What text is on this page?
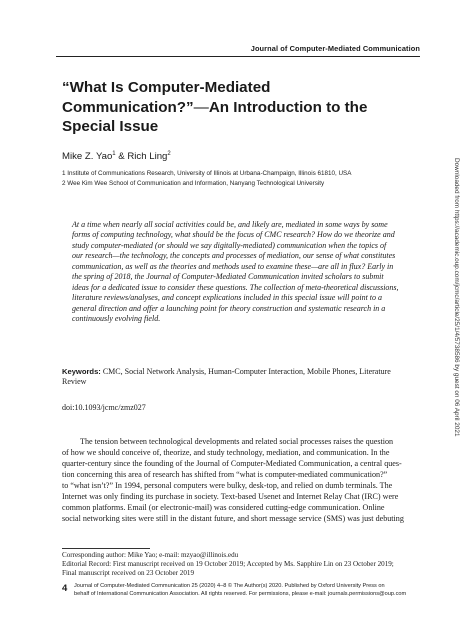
Journal of Computer-Mediated Communication
“What Is Computer-Mediated
Communication?”—An Introduction to the
Special Issue
Mike Z. Yao$^1$ & Rich Ling$^2$
1 Institute of Communications Research, University of Illinois at Urbana-Champaign, Illinois 61810, USA
2 Wee Kim Wee School of Communication and Information, Nanyang Technological University
At a time when nearly all social activities could be, and likely are, mediated in some ways by some
forms of computing technology, what should be the focus of CMC research? How do we theorize and
study computer-mediated (or should we say digitally-mediated) communication when the topics of
our research—the technology, the concepts and processes of mediation, our sense of what constitutes
communication, as well as the theories and methods used to examine these—are all in flux? Early in
the spring of 2018, the Journal of Computer-Mediated Communication invited scholars to submit
ideas for a dedicated issue to consider these questions. The collection of meta-theoretical discussions,
literature reviews/analyses, and concept explications included in this special issue will point to a
general direction and offer a launching point for theory construction and systematic research in a
continuously evolving field.
Keywords: CMC, Social Network Analysis, Human-Computer Interaction, Mobile Phones, Literature
Review
doi:10.1093/jcmc/zmz027
The tension between technological developments and related social processes raises the question
of how we should conceive of, theorize, and study technology, mediation, and communication. In the
quarter-century since the founding of the Journal of Computer-Mediated Communication, a central ques-
tion concerning this area of research has shifted from “what is computer-mediated communication?”
to “what isn’t?” In 1994, personal computers were bulky, desk-top, and relied on dumb terminals. The
Internet was only finding its purchase in society. Text-based Usenet and Internet Relay Chat (IRC) were
common platforms. Email (or electronic-mail) was considered cutting-edge communication. Online
social networking sites were still in the distant future, and short message service (SMS) was just debuting
Corresponding author: Mike Yao; e-mail: mzyao@illinois.edu
Editorial Record: First manuscript received on 19 October 2019; Accepted by Ms. Sapphire Lin on 23 October 2019;
Final manuscript received on 23 October 2019
4 Journal of Computer-Mediated Communication 25 (2020) 4–8 © The Author(s) 2020. Published by Oxford University Press on
behalf of International Communication Association. All rights reserved. For permissions, please e-mail: journals.permissions@oup.com
Downloaded from https://academic.oup.com/jcmc/article/25/1/4/5738586 by guest on 06 April 2021
